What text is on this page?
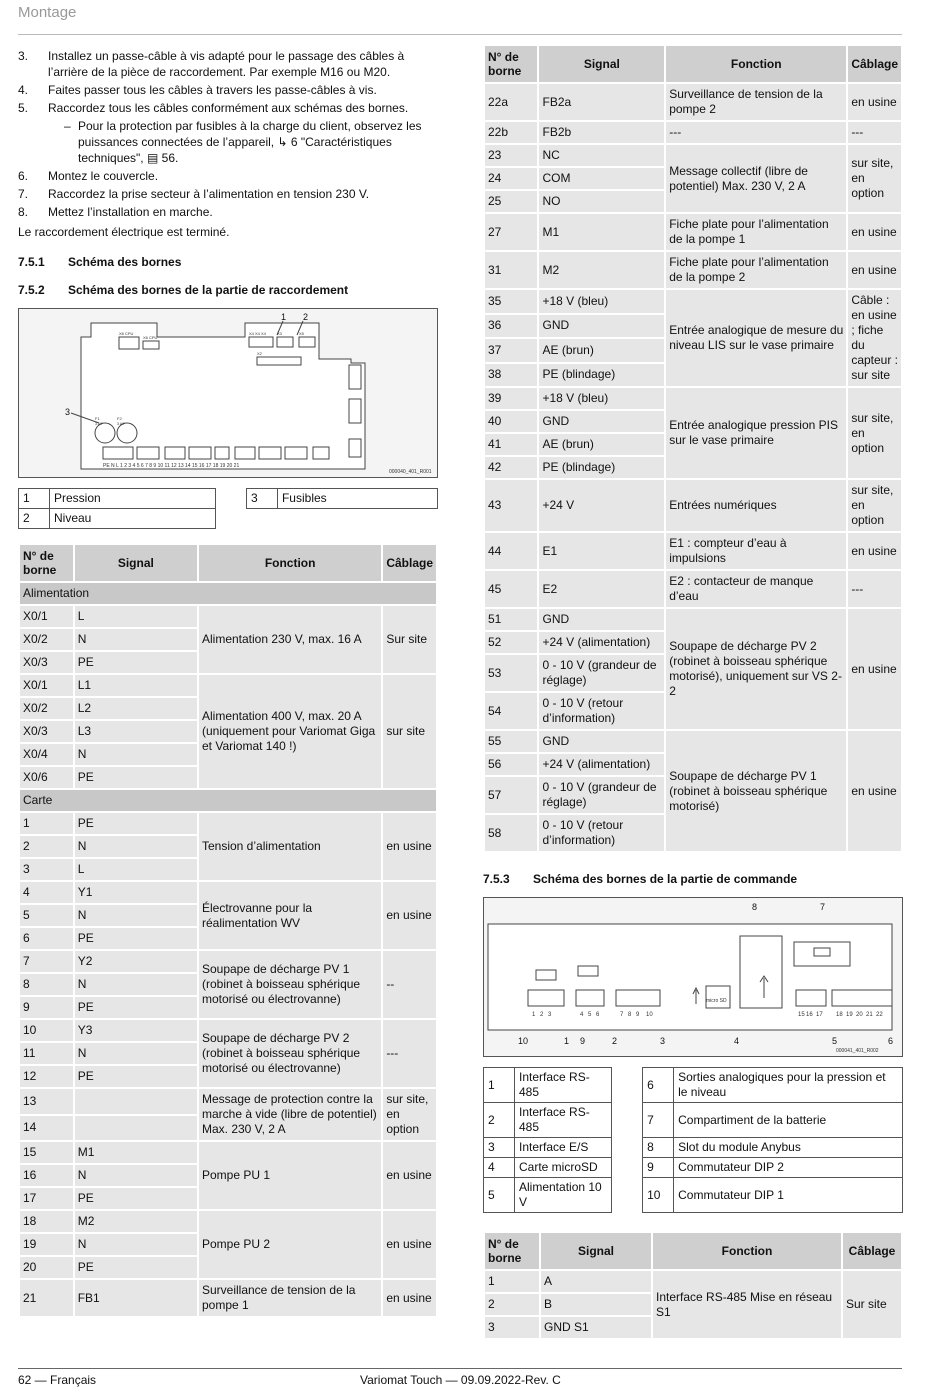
Montage
3. Installez un passe-câble à vis adapté pour le passage des câbles à l’arrière de la pièce de raccordement. Par exemple M16 ou M20.
4. Faites passer tous les câbles à travers les passe-câbles à vis.
5. Raccordez tous les câbles conformément aux schémas des bornes.
– Pour la protection par fusibles à la charge du client, observez les puissances connectées de l’appareil, ↳ 6 "Caractéristiques techniques", ▤ 56.
6. Montez le couvercle.
7. Raccordez la prise secteur à l’alimentation en tension 230 V.
8. Mettez l’installation en marche.
Le raccordement électrique est terminé.
7.5.1 Schéma des bornes
7.5.2 Schéma des bornes de la partie de raccordement
1 2
3
X6 CPU
X6 CPU
X4 X4 X4	X3	X5
X2
F1	F2
3 A/F	3 A/F
PE N L 1 2 3 4 5 6 7 8 9 10 11 12 13 14 15 16 17 18 19 20 21
000040_401_R001
1	Pression		3	Fusibles
2	Niveau			
N° de borne	Signal	Fonction	Câblage
Alimentation			
X0/1	L	Alimentation 230 V, max. 16 A	Sur site
X0/2	N		
X0/3	PE		
X0/1	L1	Alimentation 400 V, max. 20 A (uniquement pour Variomat Giga et Variomat 140 !)	sur site
X0/2	L2		
X0/3	L3		
X0/4	N		
X0/6	PE		
Carte			
1	PE	Tension d’alimentation	en usine
2	N		
3	L		
4	Y1	Électrovanne pour la réalimentation WV	en usine
5	N		
6	PE		
7	Y2	Soupape de décharge PV 1 (robinet à boisseau sphérique motorisé ou électrovanne)	--
8	N		
9	PE		
10	Y3	Soupape de décharge PV 2 (robinet à boisseau sphérique motorisé ou électrovanne)	---
11	N		
12	PE		
13		Message de protection contre la marche à vide (libre de potentiel) Max. 230 V, 2 A	sur site, en option
14			
15	M1	Pompe PU 1	en usine
16	N		
17	PE		
18	M2	Pompe PU 2	en usine
19	N		
20	PE		
21	FB1	Surveillance de tension de la pompe 1	en usine
N° de borne	Signal	Fonction	Câblage
22a	FB2a	Surveillance de tension de la pompe 2	en usine
22b	FB2b	---	---
23	NC	Message collectif (libre de potentiel) Max. 230 V, 2 A	sur site, en option
24	COM		
25	NO		
27	M1	Fiche plate pour l’alimentation de la pompe 1	en usine
31	M2	Fiche plate pour l’alimentation de la pompe 2	en usine
35	+18 V (bleu)	Entrée analogique de mesure du niveau LIS sur le vase primaire	Câble : en usine ; fiche du capteur : sur site
36	GND		
37	AE (brun)		
38	PE (blindage)		
39	+18 V (bleu)	Entrée analogique pression PIS sur le vase primaire	sur site, en option
40	GND		
41	AE (brun)		
42	PE (blindage)		
43	+24 V	Entrées numériques	sur site, en option
44	E1	E1 : compteur d’eau à impulsions	en usine
45	E2	E2 : contacteur de manque d’eau	---
51	GND	Soupape de décharge PV 2 (robinet à boisseau sphérique motorisé), uniquement sur VS 2-2	en usine
52	+24 V (alimentation)		
53	0 - 10 V (grandeur de réglage)		
54	0 - 10 V (retour d’information)		
55	GND	Soupape de décharge PV 1 (robinet à boisseau sphérique motorisé)	en usine
56	+24 V (alimentation)		
57	0 - 10 V (grandeur de réglage)		
58	0 - 10 V (retour d’information)		
7.5.3 Schéma des bornes de la partie de commande
8	7
10	1 9	2	3	4	5	6
micro SD
1 2 3	4 5 6	7 8 9 10	15 16 17 18 19 20 21 22
000041_401_R002
1	Interface RS-485		6	Sorties analogiques pour la pression et le niveau
2	Interface RS-485		7	Compartiment de la batterie
3	Interface E/S		8	Slot du module Anybus
4	Carte microSD		9	Commutateur DIP 2
5	Alimentation 10 V		10	Commutateur DIP 1
N° de borne	Signal	Fonction	Câblage
1	A	Interface RS-485 Mise en réseau S1	Sur site
2	B		
3	GND S1		
62 — Français	Variomat Touch — 09.09.2022-Rev. C
